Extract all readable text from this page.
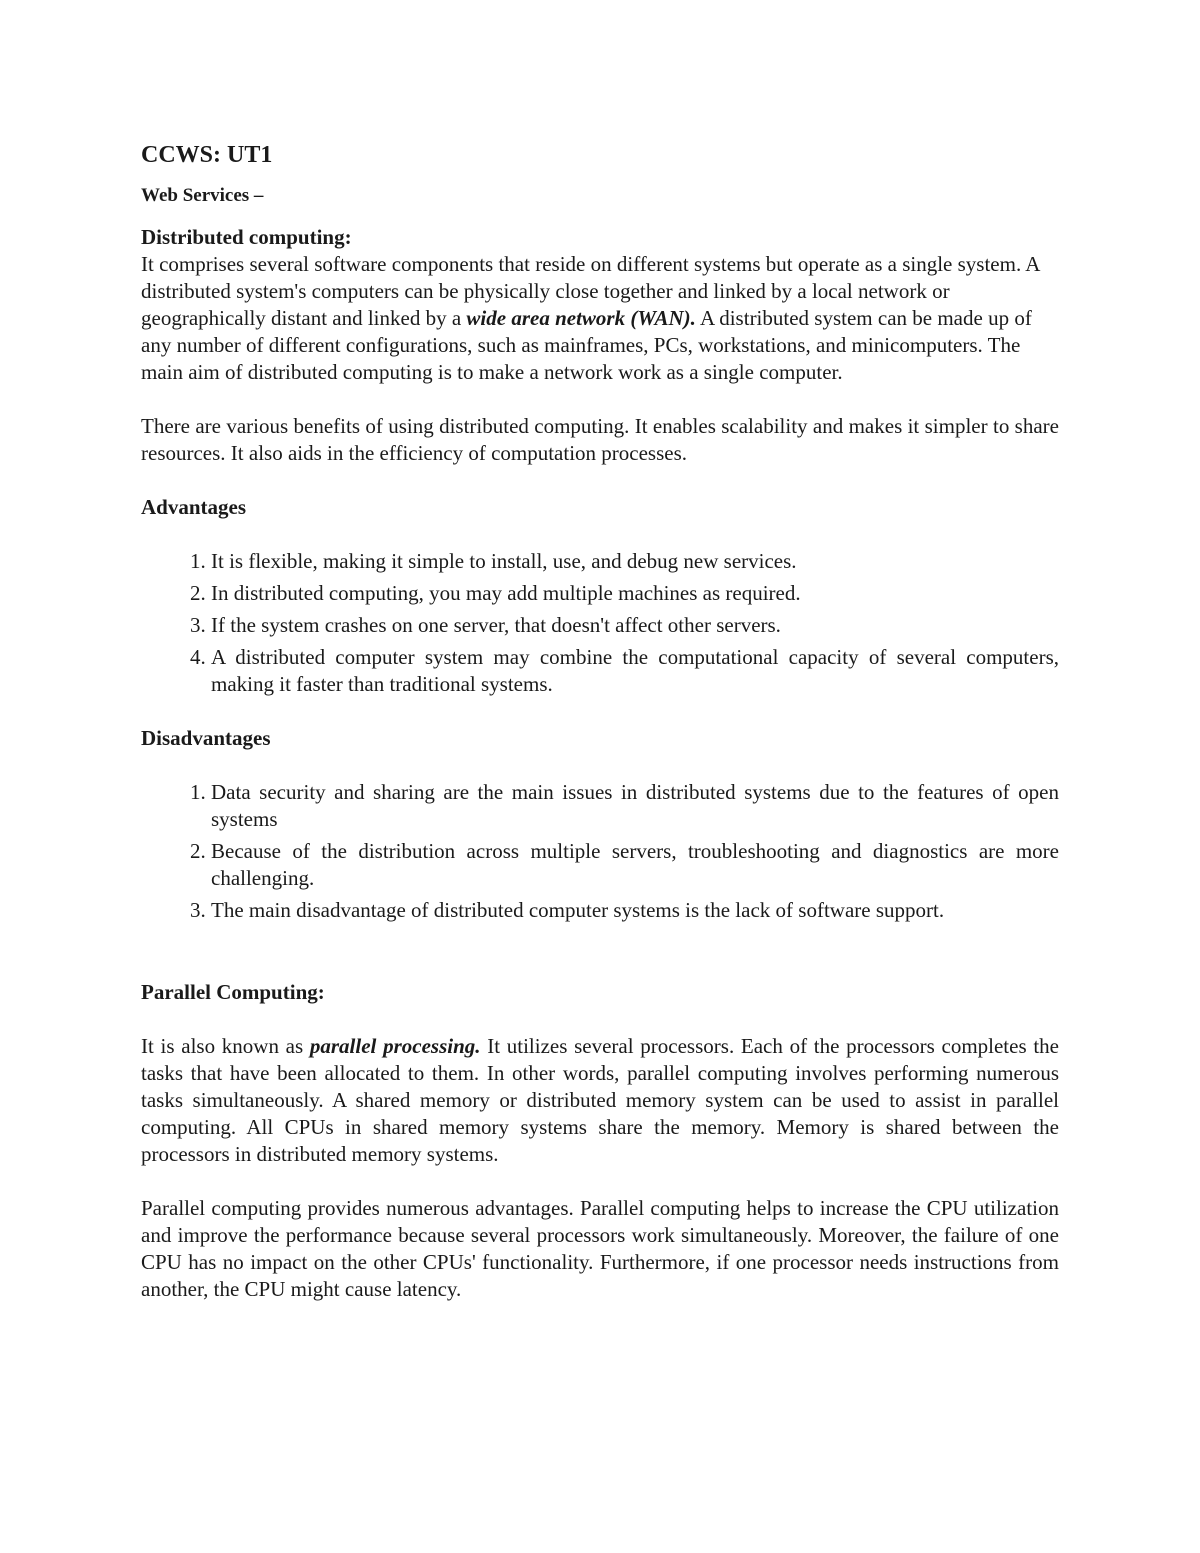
CCWS: UT1
Web Services –
Distributed computing:

It comprises several software components that reside on different systems but operate as a single system. A distributed system's computers can be physically close together and linked by a local network or geographically distant and linked by a wide area network (WAN). A distributed system can be made up of any number of different configurations, such as mainframes, PCs, workstations, and minicomputers. The main aim of distributed computing is to make a network work as a single computer.

There are various benefits of using distributed computing. It enables scalability and makes it simpler to share resources. It also aids in the efficiency of computation processes.

Advantages
1. It is flexible, making it simple to install, use, and debug new services.
2. In distributed computing, you may add multiple machines as required.
3. If the system crashes on one server, that doesn't affect other servers.
4. A distributed computer system may combine the computational capacity of several computers, making it faster than traditional systems.
Disadvantages
1. Data security and sharing are the main issues in distributed systems due to the features of open systems
2. Because of the distribution across multiple servers, troubleshooting and diagnostics are more challenging.
3. The main disadvantage of distributed computer systems is the lack of software support.
Parallel Computing:

It is also known as parallel processing. It utilizes several processors. Each of the processors completes the tasks that have been allocated to them. In other words, parallel computing involves performing numerous tasks simultaneously. A shared memory or distributed memory system can be used to assist in parallel computing. All CPUs in shared memory systems share the memory. Memory is shared between the processors in distributed memory systems.

Parallel computing provides numerous advantages. Parallel computing helps to increase the CPU utilization and improve the performance because several processors work simultaneously. Moreover, the failure of one CPU has no impact on the other CPUs' functionality. Furthermore, if one processor needs instructions from another, the CPU might cause latency.
